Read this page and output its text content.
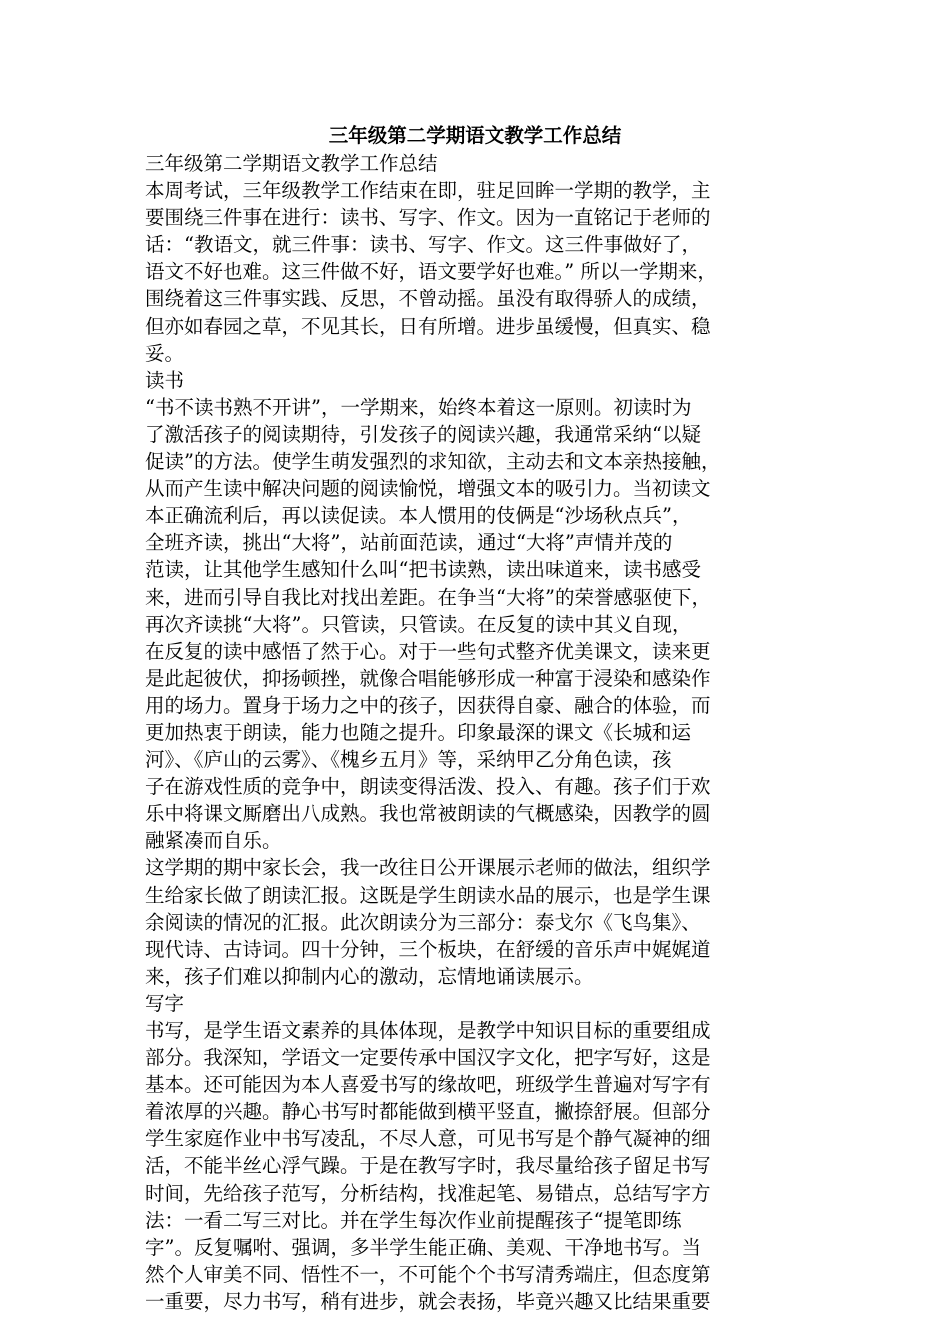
三年级第二学期语文教学工作总结
三年级第二学期语文教学工作总结
本周考试，三年级教学工作结束在即，驻足回眸一学期的教学，主
要围绕三件事在进行：读书、写字、作文。因为一直铭记于老师的
话：“教语文，就三件事：读书、写字、作文。这三件事做好了，
语文不好也难。这三件做不好，语文要学好也难。” 所以一学期来，
围绕着这三件事实践、反思，不曾动摇。虽没有取得骄人的成绩，
但亦如春园之草，不见其长，日有所增。进步虽缓慢，但真实、稳
妥。
读书
“书不读书熟不开讲”，一学期来，始终本着这一原则。初读时为
了激活孩子的阅读期待，引发孩子的阅读兴趣，我通常采纳“以疑
促读”的方法。使学生萌发强烈的求知欲，主动去和文本亲热接触，
从而产生读中解决问题的阅读愉悦，增强文本的吸引力。当初读文
本正确流利后，再以读促读。本人惯用的伎俩是“沙场秋点兵”，
全班齐读，挑出“大将”，站前面范读，通过“大将”声情并茂的
范读，让其他学生感知什么叫“把书读熟，读出味道来，读书感受
来，进而引导自我比对找出差距。在争当“大将”的荣誉感驱使下，
再次齐读挑“大将”。只管读，只管读。在反复的读中其义自现，
在反复的读中感悟了然于心。对于一些句式整齐优美课文，读来更
是此起彼伏，抑扬顿挫，就像合唱能够形成一种富于浸染和感染作
用的场力。置身于场力之中的孩子，因获得自豪、融合的体验，而
更加热衷于朗读，能力也随之提升。印象最深的课文《长城和运
河》、《庐山的云雾》、《槐乡五月》等，采纳甲乙分角色读，孩
子在游戏性质的竞争中，朗读变得活泼、投入、有趣。孩子们于欢
乐中将课文厮磨出八成熟。我也常被朗读的气概感染，因教学的圆
融紧凑而自乐。
这学期的期中家长会，我一改往日公开课展示老师的做法，组织学
生给家长做了朗读汇报。这既是学生朗读水品的展示，也是学生课
余阅读的情况的汇报。此次朗读分为三部分：泰戈尔《飞鸟集》、
现代诗、古诗词。四十分钟，三个板块，在舒缓的音乐声中娓娓道
来，孩子们难以抑制内心的激动，忘情地诵读展示。
写字
书写，是学生语文素养的具体体现，是教学中知识目标的重要组成
部分。我深知，学语文一定要传承中国汉字文化，把字写好，这是
基本。还可能因为本人喜爱书写的缘故吧，班级学生普遍对写字有
着浓厚的兴趣。静心书写时都能做到横平竖直，撇捺舒展。但部分
学生家庭作业中书写凌乱，不尽人意，可见书写是个静气凝神的细
活，不能半丝心浮气躁。于是在教写字时，我尽量给孩子留足书写
时间，先给孩子范写，分析结构，找准起笔、易错点，总结写字方
法：一看二写三对比。并在学生每次作业前提醒孩子“提笔即练
字”。反复嘱咐、强调，多半学生能正确、美观、干净地书写。当
然个人审美不同、悟性不一，不可能个个书写清秀端庄，但态度第
一重要，尽力书写，稍有进步，就会表扬，毕竟兴趣又比结果重要
